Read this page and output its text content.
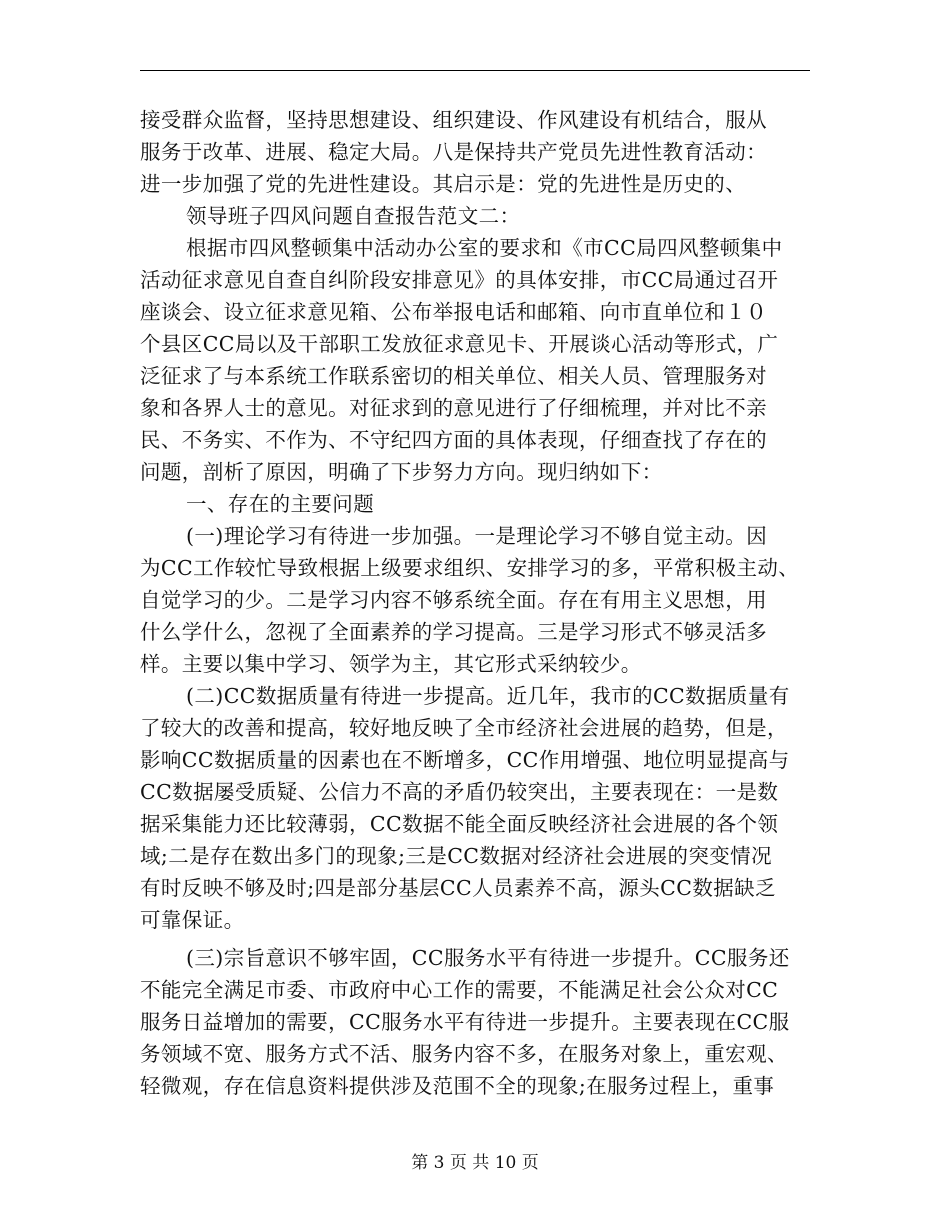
接受群众监督，坚持思想建设、组织建设、作风建设有机结合，服从
服务于改革、进展、稳定大局。八是保持共产党员先进性教育活动：
进一步加强了党的先进性建设。其启示是：党的先进性是历史的、
领导班子四风问题自查报告范文二：
根据市四风整顿集中活动办公室的要求和《市CC局四风整顿集中
活动征求意见自查自纠阶段安排意见》的具体安排，市CC局通过召开
座谈会、设立征求意见箱、公布举报电话和邮箱、向市直单位和１０
个县区CC局以及干部职工发放征求意见卡、开展谈心活动等形式，广
泛征求了与本系统工作联系密切的相关单位、相关人员、管理服务对
象和各界人士的意见。对征求到的意见进行了仔细梳理，并对比不亲
民、不务实、不作为、不守纪四方面的具体表现，仔细查找了存在的
问题，剖析了原因，明确了下步努力方向。现归纳如下：
一、存在的主要问题
(一)理论学习有待进一步加强。一是理论学习不够自觉主动。因
为CC工作较忙导致根据上级要求组织、安排学习的多，平常积极主动、
自觉学习的少。二是学习内容不够系统全面。存在有用主义思想，用
什么学什么，忽视了全面素养的学习提高。三是学习形式不够灵活多
样。主要以集中学习、领学为主，其它形式采纳较少。
(二)CC数据质量有待进一步提高。近几年，我市的CC数据质量有
了较大的改善和提高，较好地反映了全市经济社会进展的趋势，但是，
影响CC数据质量的因素也在不断增多，CC作用增强、地位明显提高与
CC数据屡受质疑、公信力不高的矛盾仍较突出，主要表现在：一是数
据采集能力还比较薄弱，CC数据不能全面反映经济社会进展的各个领
域;二是存在数出多门的现象;三是CC数据对经济社会进展的突变情况
有时反映不够及时;四是部分基层CC人员素养不高，源头CC数据缺乏
可靠保证。
(三)宗旨意识不够牢固，CC服务水平有待进一步提升。CC服务还
不能完全满足市委、市政府中心工作的需要，不能满足社会公众对CC
服务日益增加的需要，CC服务水平有待进一步提升。主要表现在CC服
务领域不宽、服务方式不活、服务内容不多，在服务对象上，重宏观、
轻微观，存在信息资料提供涉及范围不全的现象;在服务过程上，重事
第 3 页 共 10 页
